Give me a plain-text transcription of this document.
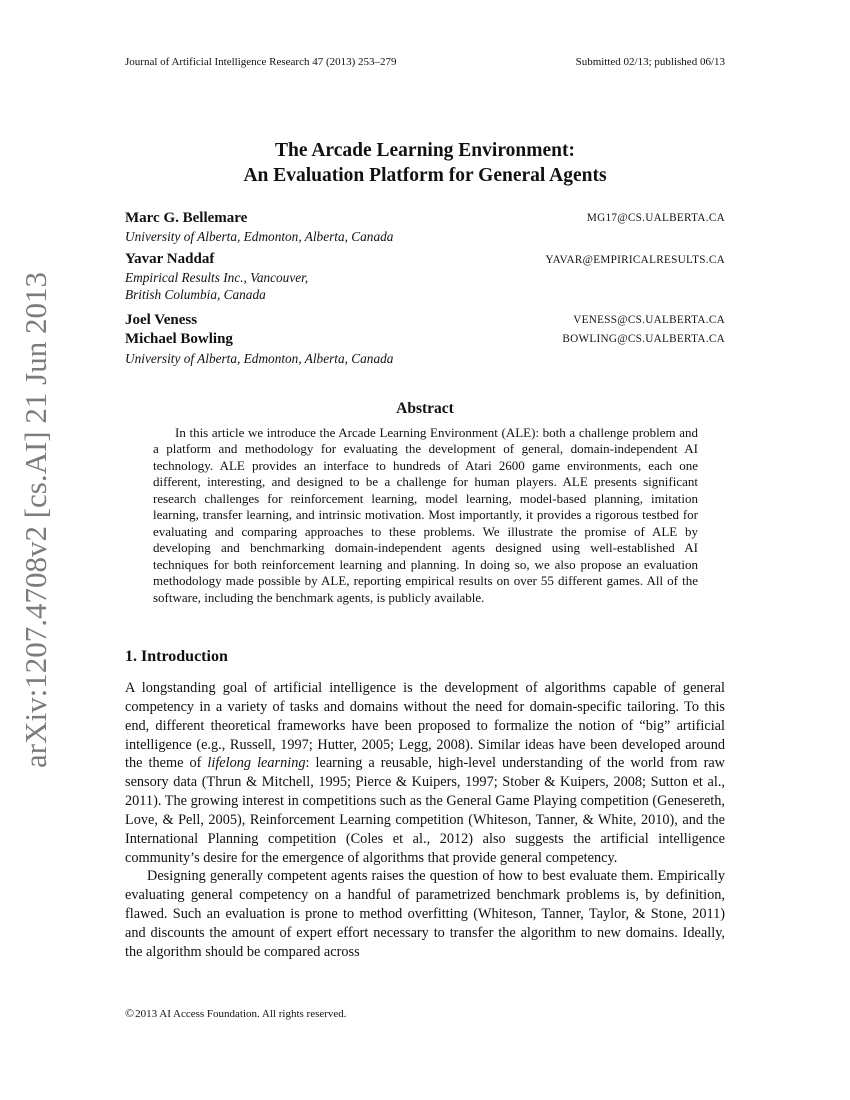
Journal of Artificial Intelligence Research 47 (2013) 253–279	Submitted 02/13; published 06/13
The Arcade Learning Environment:
An Evaluation Platform for General Agents
Marc G. Bellemare	MG17@CS.UALBERTA.CA
University of Alberta, Edmonton, Alberta, Canada
Yavar Naddaf	YAVAR@EMPIRICALRESULTS.CA
Empirical Results Inc., Vancouver,
British Columbia, Canada
Joel Veness	VENESS@CS.UALBERTA.CA
Michael Bowling	BOWLING@CS.UALBERTA.CA
University of Alberta, Edmonton, Alberta, Canada
Abstract

In this article we introduce the Arcade Learning Environment (ALE): both a challenge problem and a platform and methodology for evaluating the development of general, domain-independent AI technology. ALE provides an interface to hundreds of Atari 2600 game environments, each one different, interesting, and designed to be a challenge for human players. ALE presents significant research challenges for reinforcement learning, model learning, model-based planning, imitation learning, transfer learning, and intrinsic motivation. Most importantly, it provides a rigorous testbed for evaluating and comparing approaches to these problems. We illustrate the promise of ALE by developing and benchmarking domain-independent agents designed using well-established AI techniques for both reinforcement learning and planning. In doing so, we also propose an evaluation methodology made possible by ALE, reporting empirical results on over 55 different games. All of the software, including the benchmark agents, is publicly available.

1. Introduction

A longstanding goal of artificial intelligence is the development of algorithms capable of general competency in a variety of tasks and domains without the need for domain-specific tailoring. To this end, different theoretical frameworks have been proposed to formalize the notion of “big” artificial intelligence (e.g., Russell, 1997; Hutter, 2005; Legg, 2008). Similar ideas have been developed around the theme of lifelong learning: learning a reusable, high-level understanding of the world from raw sensory data (Thrun & Mitchell, 1995; Pierce & Kuipers, 1997; Stober & Kuipers, 2008; Sutton et al., 2011). The growing interest in competitions such as the General Game Playing competition (Genesereth, Love, & Pell, 2005), Reinforcement Learning competition (Whiteson, Tanner, & White, 2010), and the International Planning competition (Coles et al., 2012) also suggests the artificial intelligence community’s desire for the emergence of algorithms that provide general competency.

Designing generally competent agents raises the question of how to best evaluate them. Empirically evaluating general competency on a handful of parametrized benchmark problems is, by definition, flawed. Such an evaluation is prone to method overfitting (Whiteson, Tanner, Taylor, & Stone, 2011) and discounts the amount of expert effort necessary to transfer the algorithm to new domains. Ideally, the algorithm should be compared across

©2013 AI Access Foundation. All rights reserved.
arXiv:1207.4708v2 [cs.AI] 21 Jun 2013
